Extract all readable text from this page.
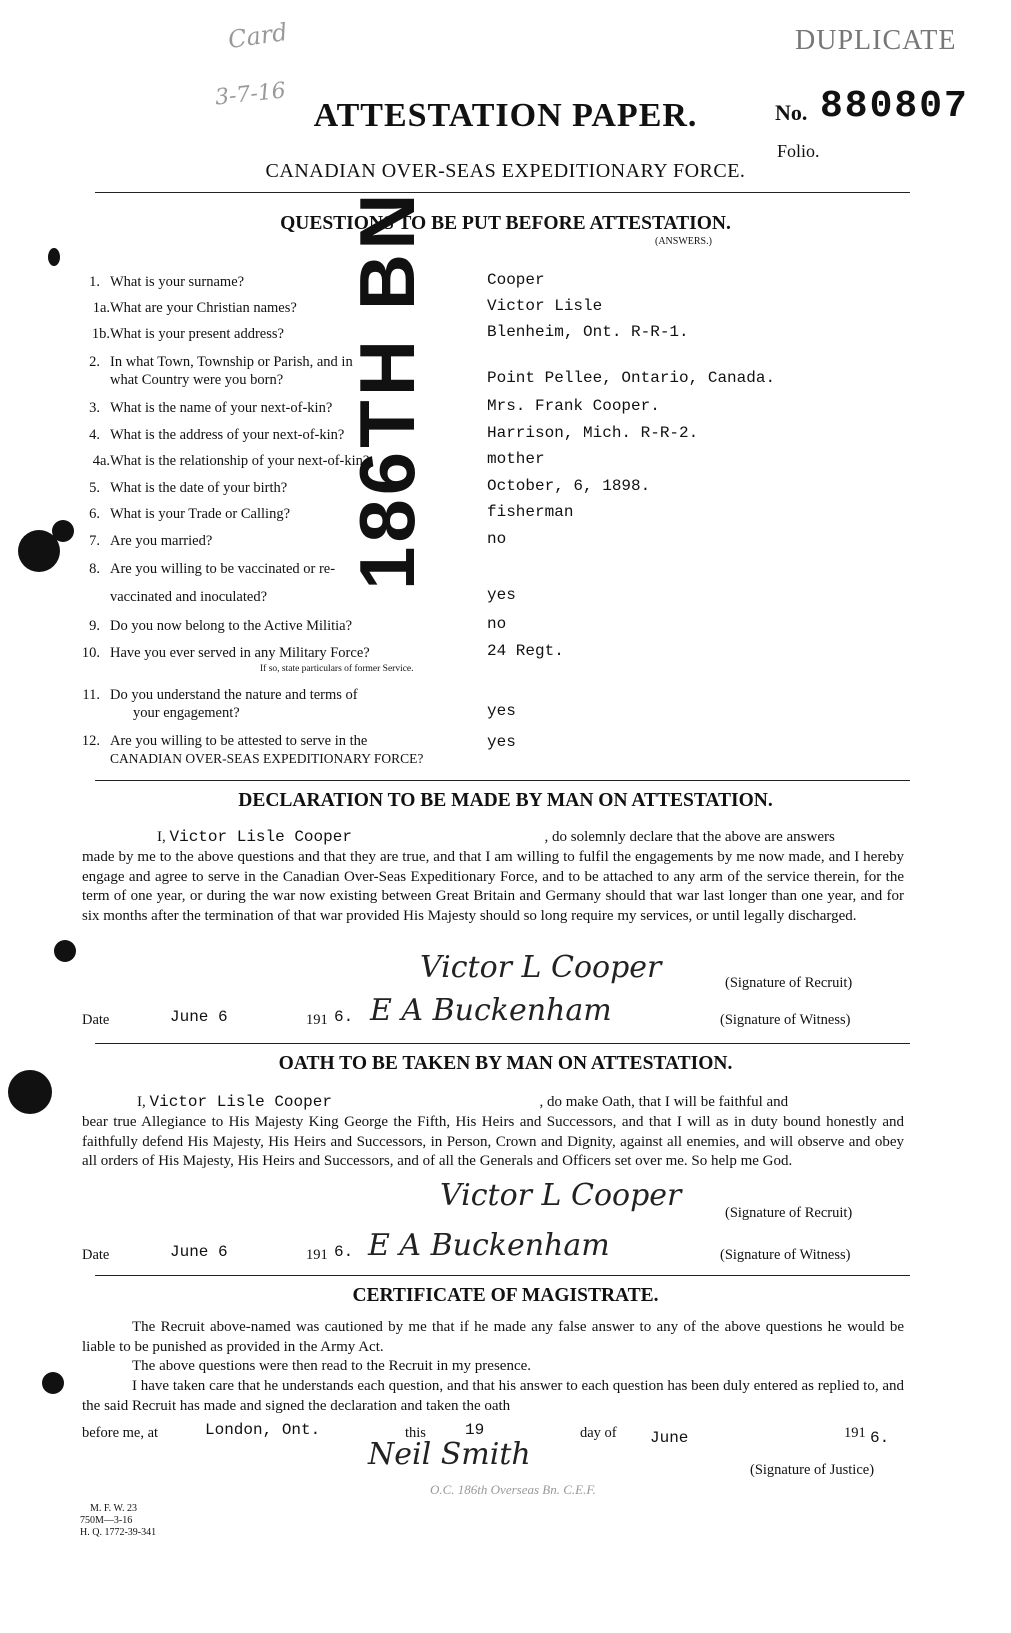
Card
3-7-16
DUPLICATE
No. 880807
Folio.
ATTESTATION PAPER.
CANADIAN OVER-SEAS EXPEDITIONARY FORCE.
QUESTIONS TO BE PUT BEFORE ATTESTATION.
(ANSWERS.)
186TH BN
1. What is your surname?	Cooper
1a. What are your Christian names?	Victor Lisle
1b. What is your present address?	Blenheim, Ont. R-R-1.
2. In what Town, Township or Parish, and in
what Country were you born?	Point Pellee, Ontario, Canada.
3. What is the name of your next-of-kin?	Mrs. Frank Cooper.
4. What is the address of your next-of-kin?	Harrison, Mich. R-R-2.
4a. What is the relationship of your next-of-kin?	mother
5. What is the date of your birth?	October, 6, 1898.
6. What is your Trade or Calling?	fisherman
7. Are you married?	no
8. Are you willing to be vaccinated or re-
vaccinated and inoculated?	yes
9. Do you now belong to the Active Militia?	no
10. Have you ever served in any Military Force?
If so, state particulars of former Service.
24 Regt.
11. Do you understand the nature and terms of
your engagement?	yes
12. Are you willing to be attested to serve in the
CANADIAN OVER-SEAS EXPEDITIONARY FORCE?
yes
DECLARATION TO BE MADE BY MAN ON ATTESTATION.
I, Victor Lisle Cooper	, do solemnly declare that the above are answers
made by me to the above questions and that they are true, and that I am willing to fulfil the engagements by me now made, and I hereby engage and agree to serve in the Canadian Over-Seas Expeditionary Force, and to be attached to any arm of the service therein, for the term of one year, or during the war now existing between Great Britain and Germany should that war last longer than one year, and for six months after the termination of that war provided His Majesty should so long require my services, or until legally discharged.
Victor L Cooper	(Signature of Recruit)
Date	June 6	191 6. E A Buckenham	(Signature of Witness)
OATH TO BE TAKEN BY MAN ON ATTESTATION.
I, Victor Lisle Cooper	, do make Oath, that I will be faithful and
bear true Allegiance to His Majesty King George the Fifth, His Heirs and Successors, and that I will as in duty bound honestly and faithfully defend His Majesty, His Heirs and Successors, in Person, Crown and Dignity, against all enemies, and will observe and obey all orders of His Majesty, His Heirs and Successors, and of all the Generals and Officers set over me. So help me God.
Victor L Cooper	(Signature of Recruit)
Date	June 6	191 6. E A Buckenham	(Signature of Witness)
CERTIFICATE OF MAGISTRATE.
The Recruit above-named was cautioned by me that if he made any false answer to any of the above questions he would be liable to be punished as provided in the Army Act.
The above questions were then read to the Recruit in my presence.
I have taken care that he understands each question, and that his answer to each question has been duly entered as replied to, and the said Recruit has made and signed the declaration and taken the oath
before me, at	London, Ont.	this 19	day of June	191 6.
Neil Smith	(Signature of Justice)
O.C. 186th Overseas Bn. C.E.F.
M. F. W. 23
750M—3-16
H. Q. 1772-39-341
